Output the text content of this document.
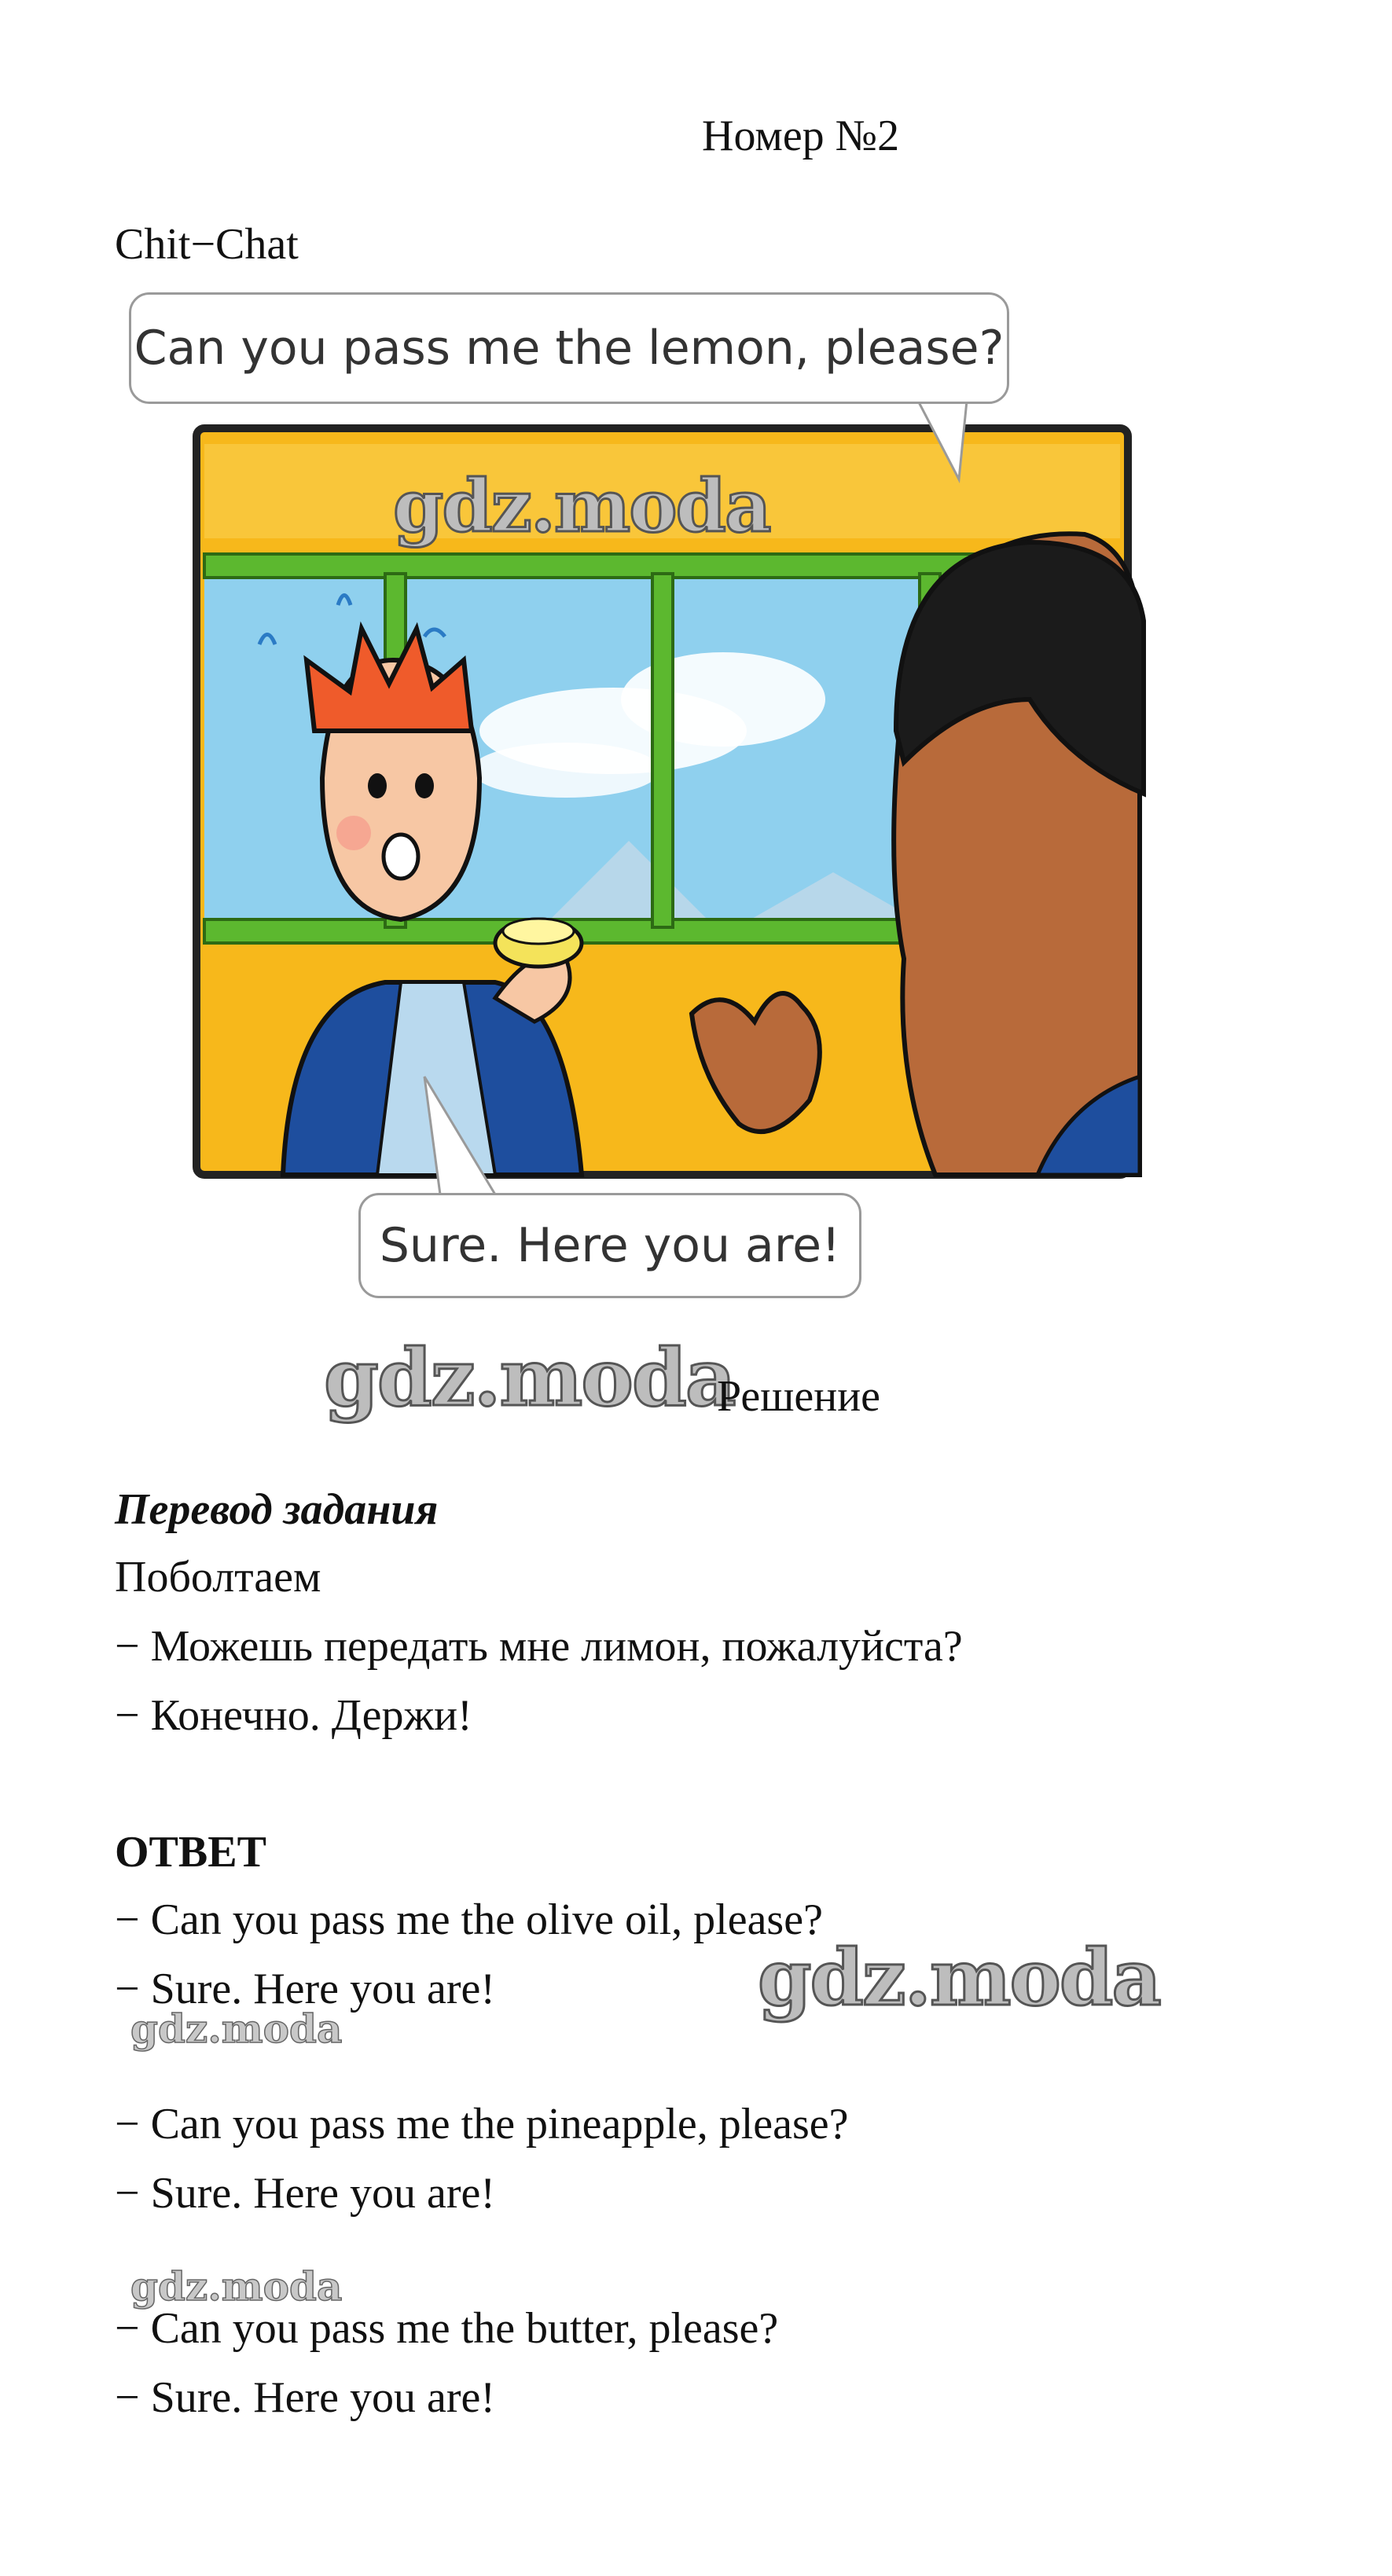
Номер №2
Chit−Chat
Can you pass me the lemon, please?
Sure. Here you are!
gdz.moda
gdz.moda
Решение
Перевод задания
Поболтаем
− Можешь передать мне лимон, пожалуйста?
− Конечно. Держи!
ОТВЕТ
− Can you pass me the olive oil, please?
− Sure. Here you are!	gdz.moda
gdz.moda
− Can you pass me the pineapple, please?
− Sure. Here you are!
gdz.moda
− Can you pass me the butter, please?
− Sure. Here you are!
